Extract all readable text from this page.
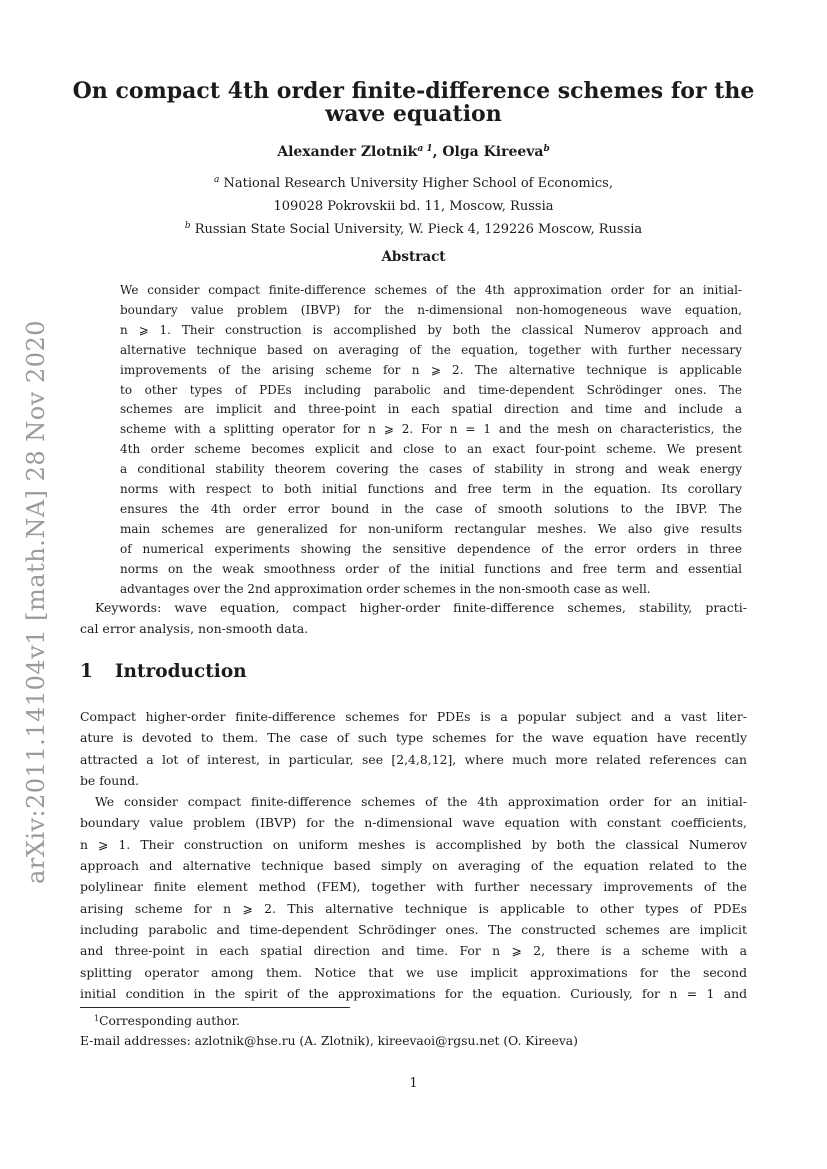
arXiv:2011.14104v1 [math.NA] 28 Nov 2020
On compact 4th order finite-difference schemes for the
wave equation
Alexander Zlotnik$^{a 1}$, Olga Kireeva$^b$
$^a$ National Research University Higher School of Economics,
109028 Pokrovskii bd. 11, Moscow, Russia
$^b$ Russian State Social University, W. Pieck 4, 129226 Moscow, Russia
Abstract
We consider compact finite-difference schemes of the 4th approximation order for an initial-
boundary value problem (IBVP) for the n-dimensional non-homogeneous wave equation,
n ⩾ 1. Their construction is accomplished by both the classical Numerov approach and
alternative technique based on averaging of the equation, together with further necessary
improvements of the arising scheme for n ⩾ 2. The alternative technique is applicable
to other types of PDEs including parabolic and time-dependent Schrödinger ones. The
schemes are implicit and three-point in each spatial direction and time and include a
scheme with a splitting operator for n ⩾ 2. For n = 1 and the mesh on characteristics, the
4th order scheme becomes explicit and close to an exact four-point scheme. We present
a conditional stability theorem covering the cases of stability in strong and weak energy
norms with respect to both initial functions and free term in the equation. Its corollary
ensures the 4th order error bound in the case of smooth solutions to the IBVP. The
main schemes are generalized for non-uniform rectangular meshes. We also give results
of numerical experiments showing the sensitive dependence of the error orders in three
norms on the weak smoothness order of the initial functions and free term and essential
advantages over the 2nd approximation order schemes in the non-smooth case as well.
Keywords: wave equation, compact higher-order finite-difference schemes, stability, practi-
cal error analysis, non-smooth data.
1 Introduction
Compact higher-order finite-difference schemes for PDEs is a popular subject and a vast liter-
ature is devoted to them. The case of such type schemes for the wave equation have recently
attracted a lot of interest, in particular, see [2,4,8,12], where much more related references can
be found.
We consider compact finite-difference schemes of the 4th approximation order for an initial-
boundary value problem (IBVP) for the n-dimensional wave equation with constant coefficients,
n ⩾ 1. Their construction on uniform meshes is accomplished by both the classical Numerov
approach and alternative technique based simply on averaging of the equation related to the
polylinear finite element method (FEM), together with further necessary improvements of the
arising scheme for n ⩾ 2. This alternative technique is applicable to other types of PDEs
including parabolic and time-dependent Schrödinger ones. The constructed schemes are implicit
and three-point in each spatial direction and time. For n ⩾ 2, there is a scheme with a
splitting operator among them. Notice that we use implicit approximations for the second
initial condition in the spirit of the approximations for the equation. Curiously, for n = 1 and
$^1$Corresponding author.
E-mail addresses: azlotnik@hse.ru (A. Zlotnik), kireevaoi@rgsu.net (O. Kireeva)
1
